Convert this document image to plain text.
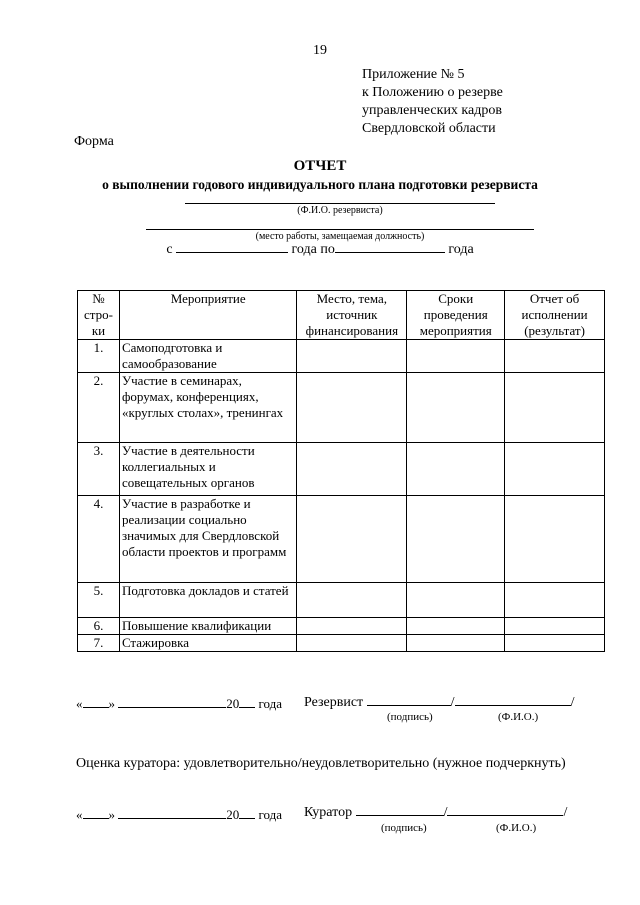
19
Приложение № 5
к Положению о резерве
управленческих кадров
Свердловской области
Форма
ОТЧЕТ
о выполнении годового индивидуального плана подготовки резервиста
(Ф.И.О. резервиста)
(место работы, замещаемая должность)
с	года по	года
№ стро-ки	Мероприятие	Место, тема, источник финансирования	Сроки проведения мероприятия	Отчет об исполнении (результат)
1.	Самоподготовка и самообразование			
2.	Участие в семинарах, форумах, конференциях, «круглых столах», тренингах			
3.	Участие в деятельности коллегиальных и совещательных органов			
4.	Участие в разработке и реализации социально значимых для Свердловской области проектов и программ			
5.	Подготовка докладов и статей			
6.	Повышение квалификации			
7.	Стажировка			
« »	20 года Резервист	/	/
(подпись)	(Ф.И.О.)
Оценка куратора: удовлетворительно/неудовлетворительно (нужное подчеркнуть)
« »	20 года Куратор	/	/
(подпись)	(Ф.И.О.)
